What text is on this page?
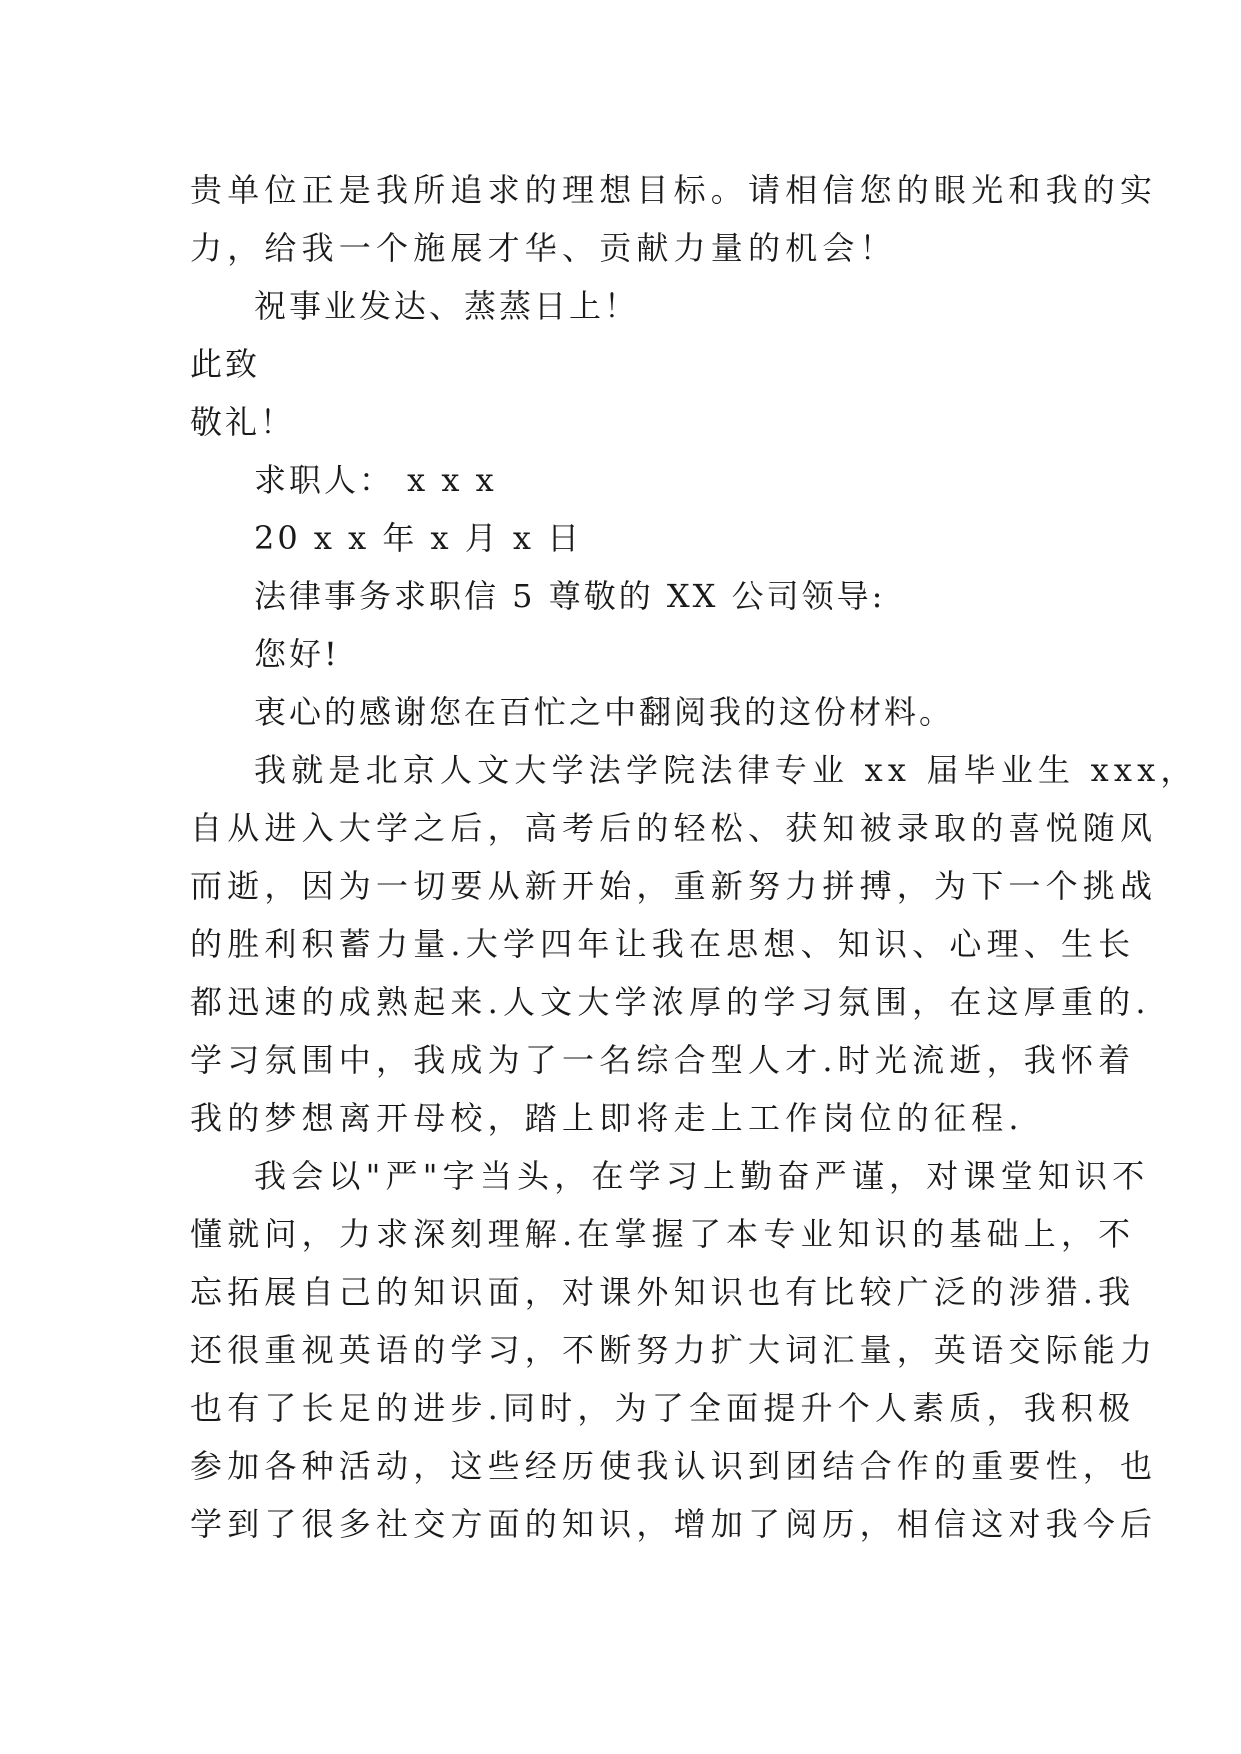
贵单位正是我所追求的理想目标。请相信您的眼光和我的实
力，给我一个施展才华、贡献力量的机会！
祝事业发达、蒸蒸日上！
此致
敬礼！
求职人： x x x
20 x x 年 x 月 x 日
法律事务求职信 5 尊敬的 XX 公司领导:
您好!
衷心的感谢您在百忙之中翻阅我的这份材料。
我就是北京人文大学法学院法律专业 xx 届毕业生 xxx，
自从进入大学之后，高考后的轻松、获知被录取的喜悦随风
而逝，因为一切要从新开始，重新努力拼搏，为下一个挑战
的胜利积蓄力量.大学四年让我在思想、知识、心理、生长
都迅速的成熟起来.人文大学浓厚的学习氛围，在这厚重的.
学习氛围中，我成为了一名综合型人才.时光流逝，我怀着
我的梦想离开母校，踏上即将走上工作岗位的征程.
我会以"严"字当头，在学习上勤奋严谨，对课堂知识不
懂就问，力求深刻理解.在掌握了本专业知识的基础上，不
忘拓展自己的知识面，对课外知识也有比较广泛的涉猎.我
还很重视英语的学习，不断努力扩大词汇量，英语交际能力
也有了长足的进步.同时，为了全面提升个人素质，我积极
参加各种活动，这些经历使我认识到团结合作的重要性，也
学到了很多社交方面的知识，增加了阅历，相信这对我今后
